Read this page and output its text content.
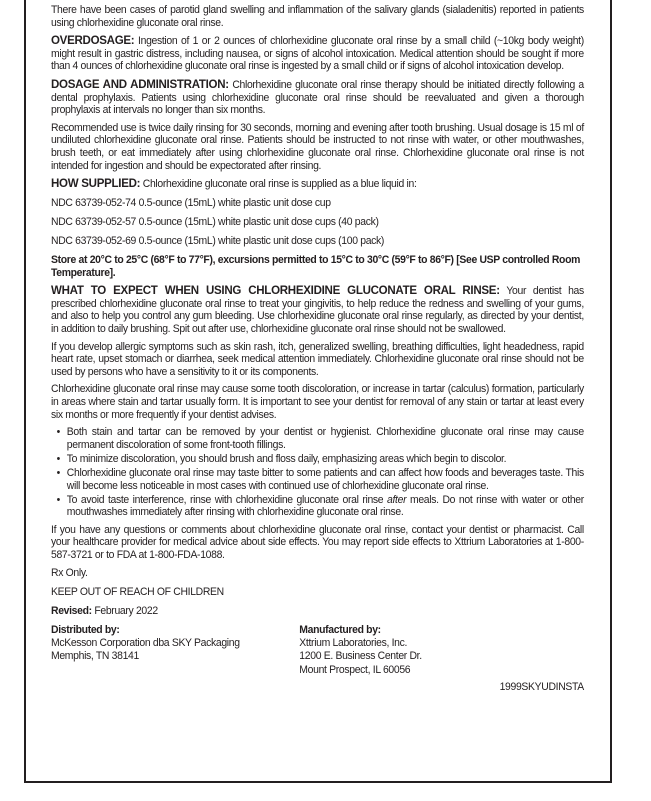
There have been cases of parotid gland swelling and inflammation of the salivary glands (sialadenitis) reported in patients using chlorhexidine gluconate oral rinse.

OVERDOSAGE: Ingestion of 1 or 2 ounces of chlorhexidine gluconate oral rinse by a small child (~10kg body weight) might result in gastric distress, including nausea, or signs of alcohol intoxication. Medical attention should be sought if more than 4 ounces of chlorhexidine gluconate oral rinse is ingested by a small child or if signs of alcohol intoxication develop.

DOSAGE AND ADMINISTRATION: Chlorhexidine gluconate oral rinse therapy should be initiated directly following a dental prophylaxis. Patients using chlorhexidine gluconate oral rinse should be reevaluated and given a thorough prophylaxis at intervals no longer than six months.

Recommended use is twice daily rinsing for 30 seconds, morning and evening after tooth brushing. Usual dosage is 15 ml of undiluted chlorhexidine gluconate oral rinse. Patients should be instructed to not rinse with water, or other mouthwashes, brush teeth, or eat immediately after using chlorhexidine gluconate oral rinse. Chlorhexidine gluconate oral rinse is not intended for ingestion and should be expectorated after rinsing.

HOW SUPPLIED: Chlorhexidine gluconate oral rinse is supplied as a blue liquid in:

NDC 63739-052-74 0.5-ounce (15mL) white plastic unit dose cup

NDC 63739-052-57 0.5-ounce (15mL) white plastic unit dose cups (40 pack)

NDC 63739-052-69 0.5-ounce (15mL) white plastic unit dose cups (100 pack)

Store at 20°C to 25°C (68°F to 77°F), excursions permitted to 15°C to 30°C (59°F to 86°F) [See USP controlled Room Temperature].

WHAT TO EXPECT WHEN USING CHLORHEXIDINE GLUCONATE ORAL RINSE: Your dentist has prescribed chlorhexidine gluconate oral rinse to treat your gingivitis, to help reduce the redness and swelling of your gums, and also to help you control any gum bleeding. Use chlorhexidine gluconate oral rinse regularly, as directed by your dentist, in addition to daily brushing. Spit out after use, chlorhexidine gluconate oral rinse should not be swallowed.

If you develop allergic symptoms such as skin rash, itch, generalized swelling, breathing difficulties, light headedness, rapid heart rate, upset stomach or diarrhea, seek medical attention immediately. Chlorhexidine gluconate oral rinse should not be used by persons who have a sensitivity to it or its components.

Chlorhexidine gluconate oral rinse may cause some tooth discoloration, or increase in tartar (calculus) formation, particularly in areas where stain and tartar usually form. It is important to see your dentist for removal of any stain or tartar at least every six months or more frequently if your dentist advises.

• Both stain and tartar can be removed by your dentist or hygienist. Chlorhexidine gluconate oral rinse may cause permanent discoloration of some front-tooth fillings.
• To minimize discoloration, you should brush and floss daily, emphasizing areas which begin to discolor.
• Chlorhexidine gluconate oral rinse may taste bitter to some patients and can affect how foods and beverages taste. This will become less noticeable in most cases with continued use of chlorhexidine gluconate oral rinse.
• To avoid taste interference, rinse with chlorhexidine gluconate oral rinse after meals. Do not rinse with water or other mouthwashes immediately after rinsing with chlorhexidine gluconate oral rinse.

If you have any questions or comments about chlorhexidine gluconate oral rinse, contact your dentist or pharmacist. Call your healthcare provider for medical advice about side effects. You may report side effects to Xttrium Laboratories at 1-800-587-3721 or to FDA at 1-800-FDA-1088.

Rx Only.

KEEP OUT OF REACH OF CHILDREN

Revised: February 2022

Distributed by:
McKesson Corporation dba SKY Packaging
Memphis, TN 38141
Manufactured by:
Xttrium Laboratories, Inc.
1200 E. Business Center Dr.
Mount Prospect, IL 60056
1999SKYUDINSTA
